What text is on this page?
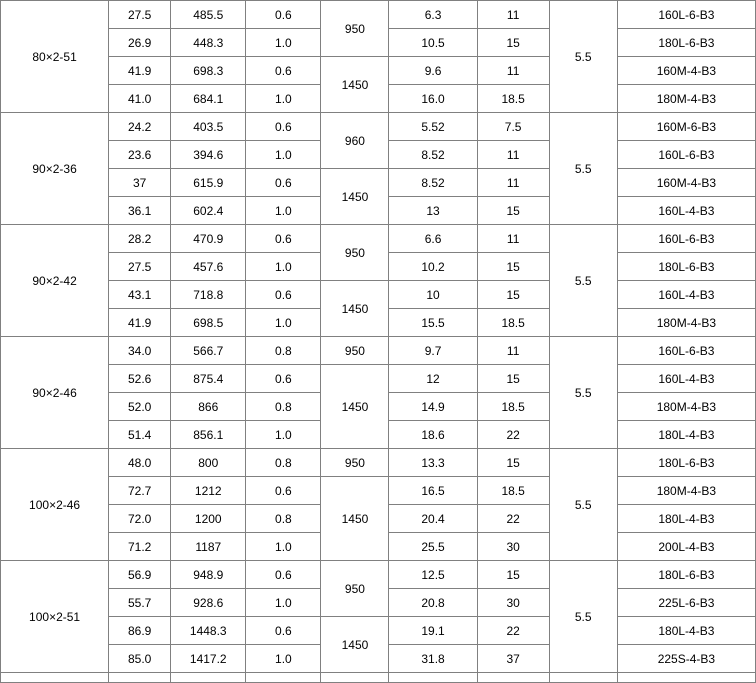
80×2-51	27.5	485.5	0.6	950	6.3	11	5.5	160L-6-B3
	26.9	448.3	1.0		10.5	15		180L-6-B3
	41.9	698.3	0.6	1450	9.6	11		160M-4-B3
	41.0	684.1	1.0		16.0	18.5		180M-4-B3
90×2-36	24.2	403.5	0.6	960	5.52	7.5	5.5	160M-6-B3
	23.6	394.6	1.0		8.52	11		160L-6-B3
	37	615.9	0.6	1450	8.52	11		160M-4-B3
	36.1	602.4	1.0		13	15		160L-4-B3
90×2-42	28.2	470.9	0.6	950	6.6	11	5.5	160L-6-B3
	27.5	457.6	1.0		10.2	15		180L-6-B3
	43.1	718.8	0.6	1450	10	15		160L-4-B3
	41.9	698.5	1.0		15.5	18.5		180M-4-B3
90×2-46	34.0	566.7	0.8	950	9.7	11	5.5	160L-6-B3
	52.6	875.4	0.6	1450	12	15		160L-4-B3
	52.0	866	0.8		14.9	18.5		180M-4-B3
	51.4	856.1	1.0		18.6	22		180L-4-B3
100×2-46	48.0	800	0.8	950	13.3	15	5.5	180L-6-B3
	72.7	1212	0.6	1450	16.5	18.5		180M-4-B3
	72.0	1200	0.8		20.4	22		180L-4-B3
	71.2	1187	1.0		25.5	30		200L-4-B3
100×2-51	56.9	948.9	0.6	950	12.5	15	5.5	180L-6-B3
	55.7	928.6	1.0		20.8	30		225L-6-B3
	86.9	1448.3	0.6	1450	19.1	22		180L-4-B3
	85.0	1417.2	1.0		31.8	37		225S-4-B3
